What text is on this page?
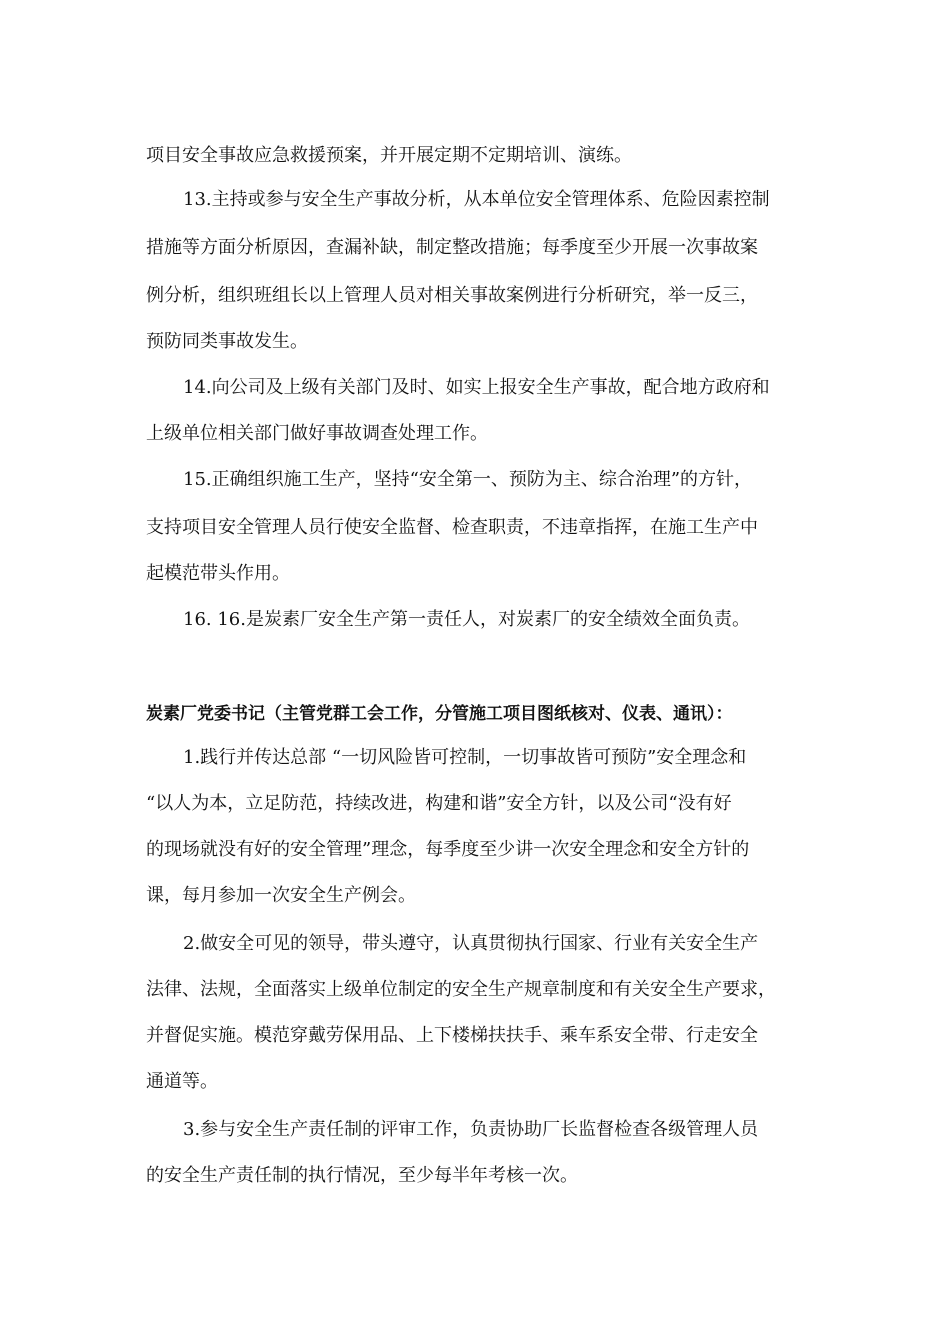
项目安全事故应急救援预案，并开展定期不定期培训、演练。
13.主持或参与安全生产事故分析，从本单位安全管理体系、危险因素控制
措施等方面分析原因，查漏补缺，制定整改措施；每季度至少开展一次事故案
例分析，组织班组长以上管理人员对相关事故案例进行分析研究，举一反三，
预防同类事故发生。
14.向公司及上级有关部门及时、如实上报安全生产事故，配合地方政府和
上级单位相关部门做好事故调查处理工作。
15.正确组织施工生产，坚持“安全第一、预防为主、综合治理”的方针，
支持项目安全管理人员行使安全监督、检查职责，不违章指挥，在施工生产中
起模范带头作用。
16. 16.是炭素厂安全生产第一责任人，对炭素厂的安全绩效全面负责。
炭素厂党委书记（主管党群工会工作，分管施工项目图纸核对、仪表、通讯）：
1.践行并传达总部 “一切风险皆可控制，一切事故皆可预防”安全理念和
“以人为本，立足防范，持续改进，构建和谐”安全方针，以及公司“没有好
的现场就没有好的安全管理”理念，每季度至少讲一次安全理念和安全方针的
课，每月参加一次安全生产例会。
2.做安全可见的领导，带头遵守，认真贯彻执行国家、行业有关安全生产
法律、法规，全面落实上级单位制定的安全生产规章制度和有关安全生产要求，
并督促实施。模范穿戴劳保用品、上下楼梯扶扶手、乘车系安全带、行走安全
通道等。
3.参与安全生产责任制的评审工作，负责协助厂长监督检查各级管理人员
的安全生产责任制的执行情况，至少每半年考核一次。
